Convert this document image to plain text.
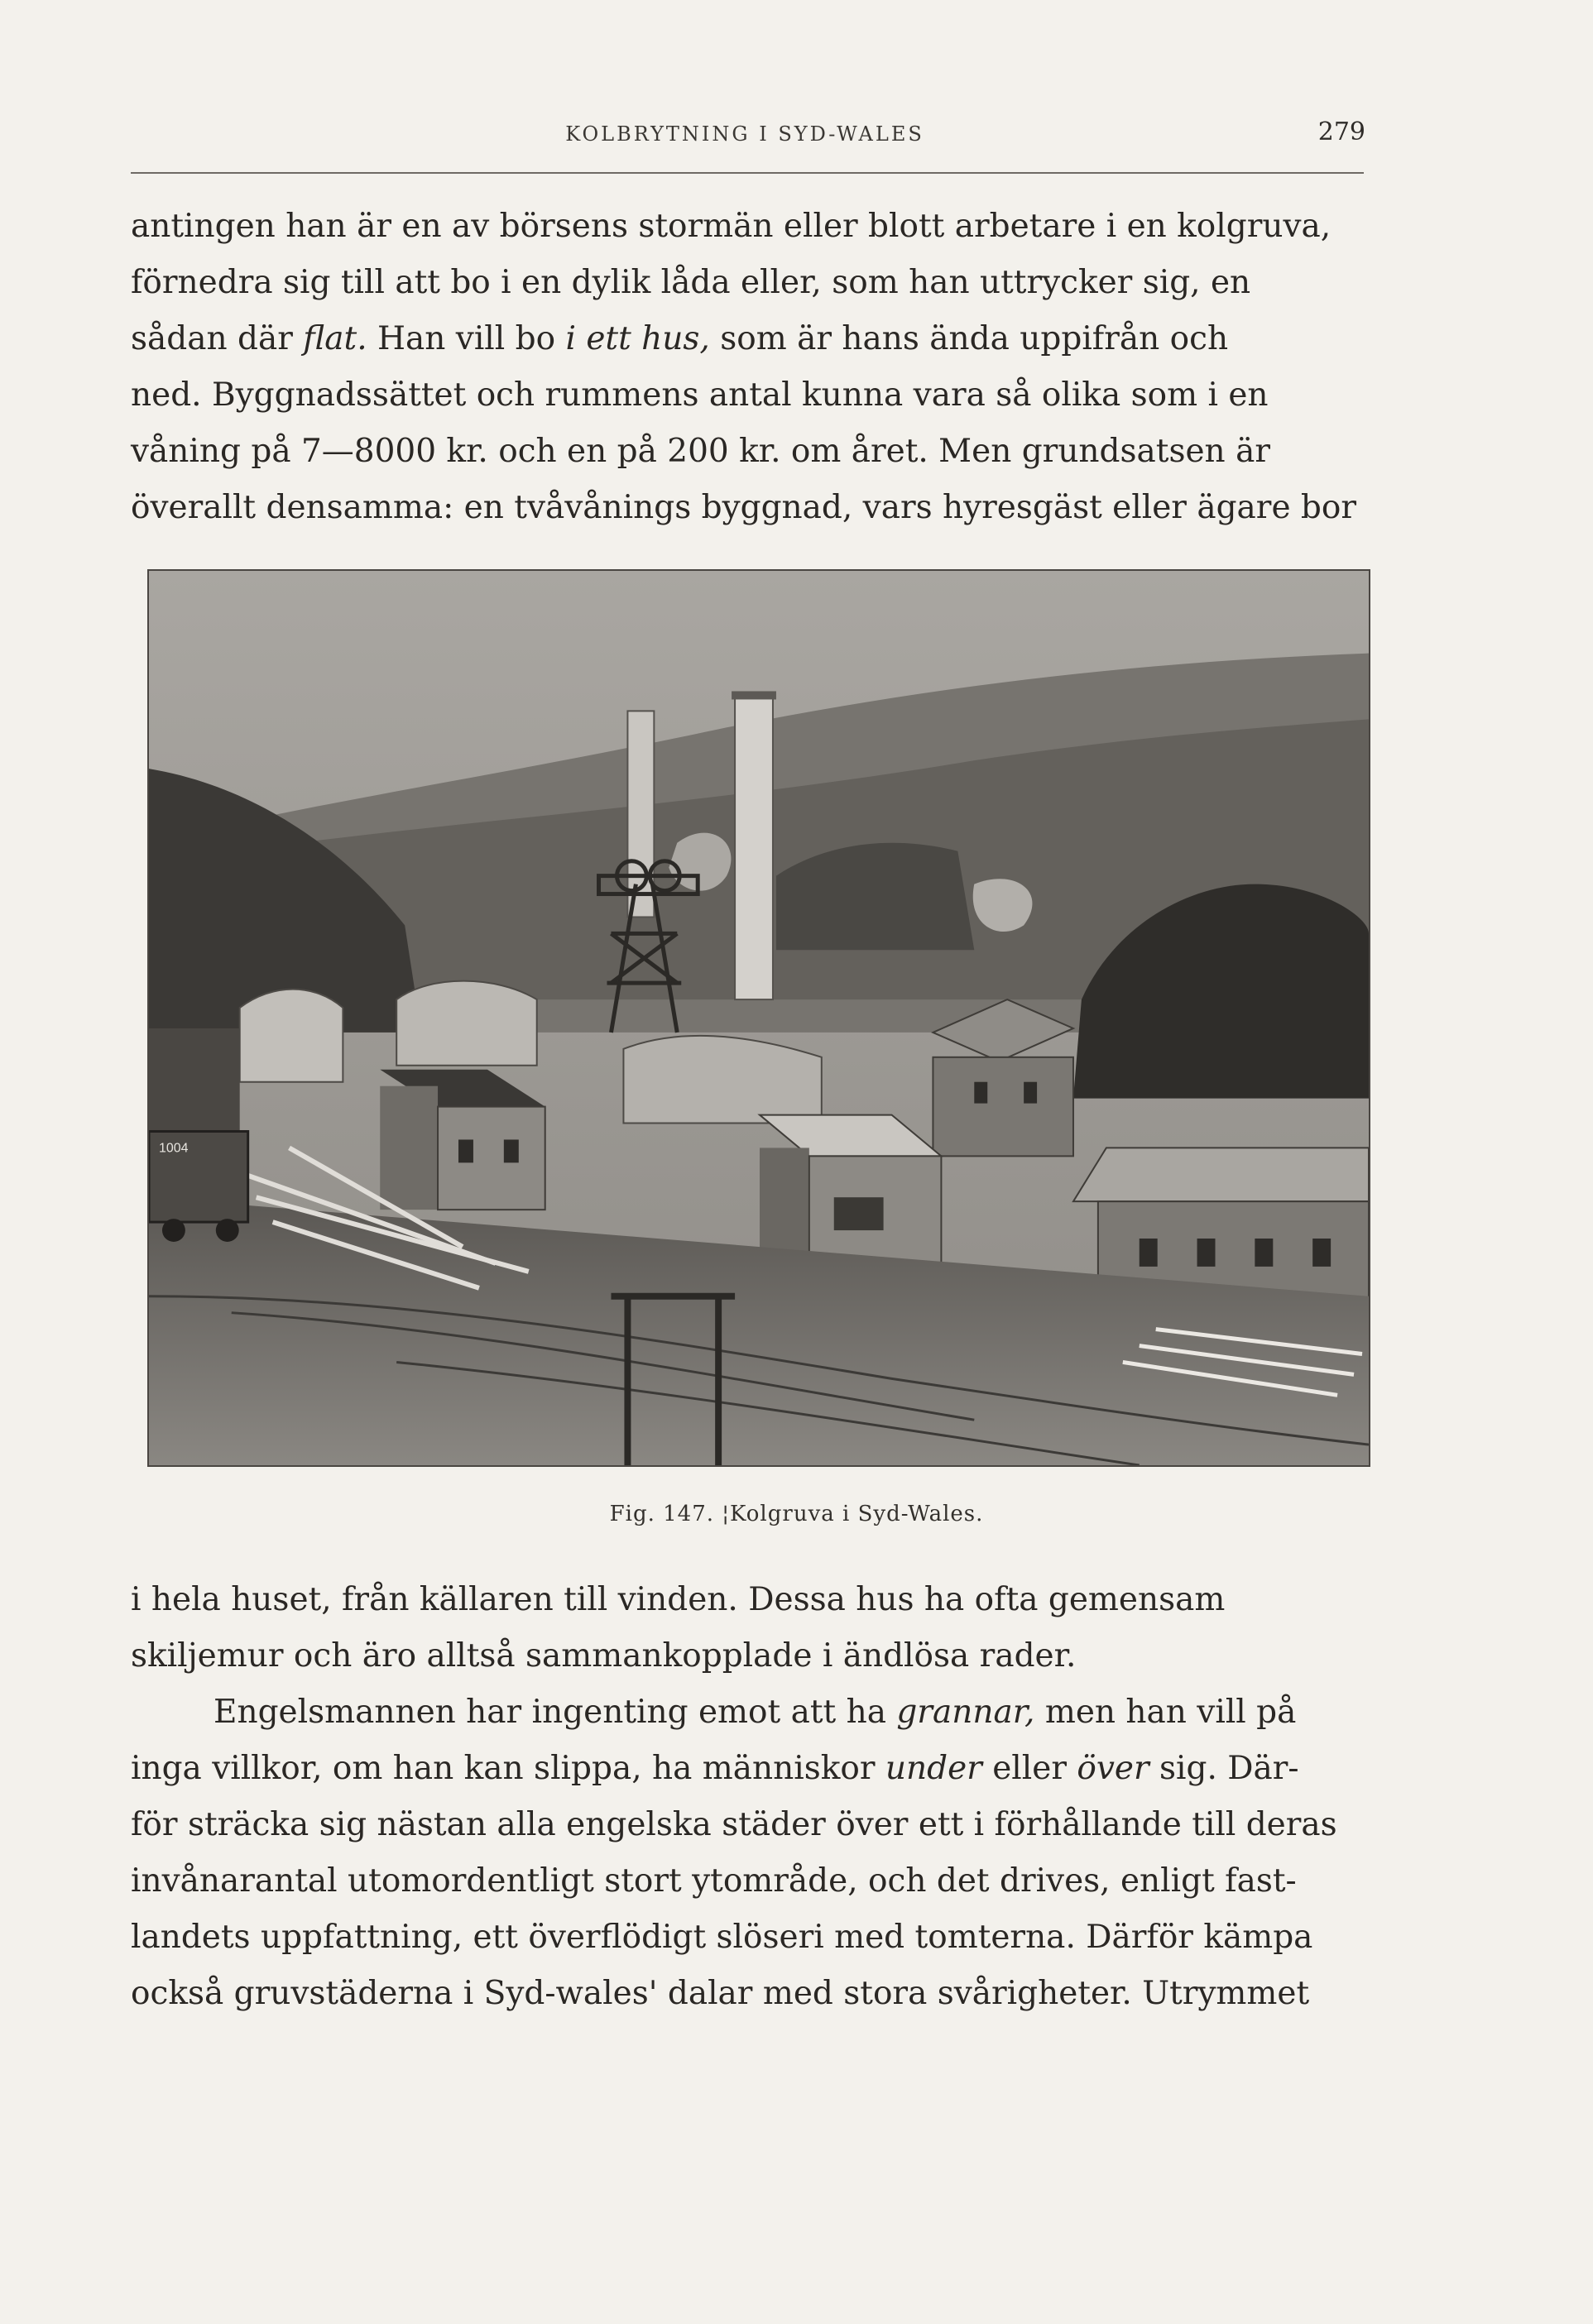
KOLBRYTNING I SYD-WALES	279

antingen han är en av börsens stormän eller blott arbetare i en kolgruva,
förnedra sig till att bo i en dylik låda eller, som han uttrycker sig, en
sådan där flat. Han vill bo i ett hus, som är hans ända uppifrån och
ned. Byggnadssättet och rummens antal kunna vara så olika som i en
våning på 7—8000 kr. och en på 200 kr. om året. Men grundsatsen är
överallt densamma: en tvåvånings byggnad, vars hyresgäst eller ägare bor

1004
Fig. 147. ¦Kolgruva i Syd-Wales.

i hela huset, från källaren till vinden. Dessa hus ha ofta gemensam
skiljemur och äro alltså sammankopplade i ändlösa rader.
Engelsmannen har ingenting emot att ha grannar, men han vill på
inga villkor, om han kan slippa, ha människor under eller över sig. Där-
för sträcka sig nästan alla engelska städer över ett i förhållande till deras
invånarantal utomordentligt stort ytområde, och det drives, enligt fast-
landets uppfattning, ett överflödigt slöseri med tomterna. Därför kämpa
också gruvstäderna i Syd-wales' dalar med stora svårigheter. Utrymmet
